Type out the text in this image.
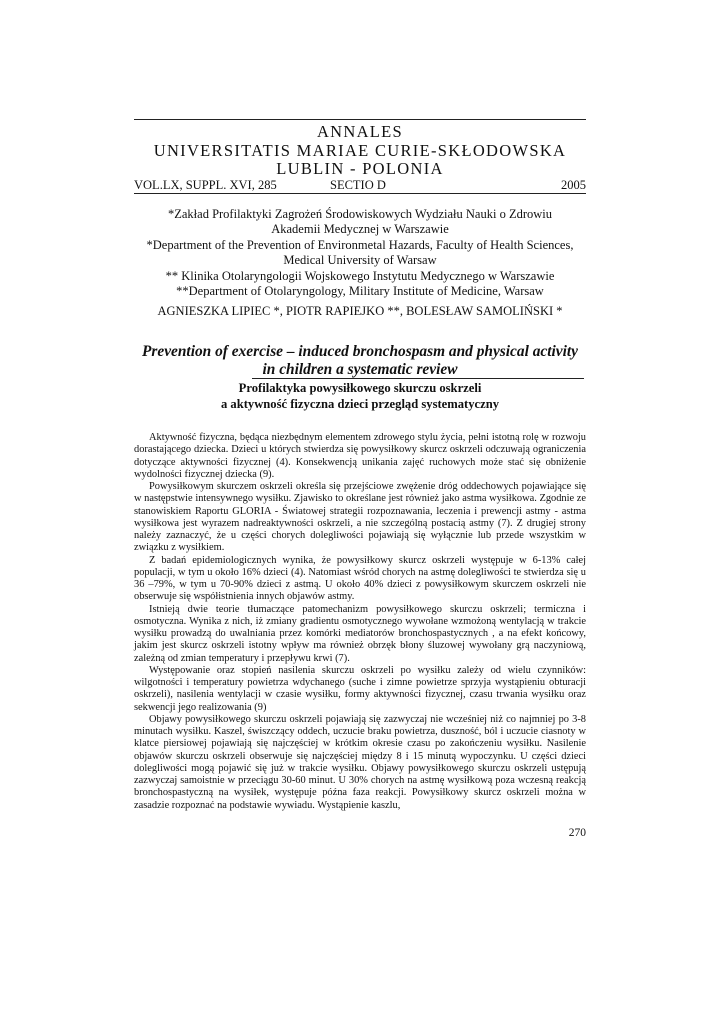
ANNALES
UNIVERSITATIS MARIAE CURIE-SKŁODOWSKA
LUBLIN - POLONIA
VOL.LX, SUPPL. XVI, 285	SECTIO D	2005
*Zakład Profilaktyki Zagrożeń Środowiskowych Wydziału Nauki o Zdrowiu
Akademii Medycznej w Warszawie
*Department of the Prevention of Environmetal Hazards, Faculty of Health Sciences,
Medical University of Warsaw
** Klinika Otolaryngologii Wojskowego Instytutu Medycznego w Warszawie
**Department of Otolaryngology, Military Institute of Medicine, Warsaw
AGNIESZKA LIPIEC *, PIOTR RAPIEJKO **, BOLESŁAW SAMOLIŃSKI *
Prevention of exercise – induced bronchospasm and physical activity
in children a systematic review
Profilaktyka powysiłkowego skurczu oskrzeli
a aktywność fizyczna dzieci przegląd systematyczny

Aktywność fizyczna, będąca niezbędnym elementem zdrowego stylu życia, pełni istotną rolę w rozwoju dorastającego dziecka. Dzieci u których stwierdza się powysiłkowy skurcz oskrzeli odczuwają ograniczenia dotyczące aktywności fizycznej (4). Konsekwencją unikania zajęć ruchowych może stać się obniżenie wydolności fizycznej dziecka (9).

Powysiłkowym skurczem oskrzeli określa się przejściowe zwężenie dróg oddechowych pojawiające się w następstwie intensywnego wysiłku. Zjawisko to określane jest również jako astma wysiłkowa. Zgodnie ze stanowiskiem Raportu GLORIA - Światowej strategii rozpoznawania, leczenia i prewencji astmy - astma wysiłkowa jest wyrazem nadreaktywności oskrzeli, a nie szczególną postacią astmy (7). Z drugiej strony należy zaznaczyć, że u części chorych dolegliwości pojawiają się wyłącznie lub przede wszystkim w związku z wysiłkiem.

Z badań epidemiologicznych wynika, że powysiłkowy skurcz oskrzeli występuje w 6-13% całej populacji, w tym u około 16% dzieci (4). Natomiast wśród chorych na astmę dolegliwości te stwierdza się u 36 –79%, w tym u 70-90% dzieci z astmą. U około 40% dzieci z powysiłkowym skurczem oskrzeli nie obserwuje się współistnienia innych objawów astmy.

Istnieją dwie teorie tłumaczące patomechanizm powysiłkowego skurczu oskrzeli; termiczna i osmotyczna. Wynika z nich, iż zmiany gradientu osmotycznego wywołane wzmożoną wentylacją w trakcie wysiłku prowadzą do uwalniania przez komórki mediatorów bronchospastycznych , a na efekt końcowy, jakim jest skurcz oskrzeli istotny wpływ ma również obrzęk błony śluzowej wywołany grą naczyniową, zależną od zmian temperatury i przepływu krwi (7).

Występowanie oraz stopień nasilenia skurczu oskrzeli po wysiłku zależy od wielu czynników: wilgotności i temperatury powietrza wdychanego (suche i zimne powietrze sprzyja wystąpieniu obturacji oskrzeli), nasilenia wentylacji w czasie wysiłku, formy aktywności fizycznej, czasu trwania wysiłku oraz sekwencji jego realizowania (9)

Objawy powysiłkowego skurczu oskrzeli pojawiają się zazwyczaj nie wcześniej niż co najmniej po 3-8 minutach wysiłku. Kaszel, świszczący oddech, uczucie braku powietrza, duszność, ból i uczucie ciasnoty w klatce piersiowej pojawiają się najczęściej w krótkim okresie czasu po zakończeniu wysiłku. Nasilenie objawów skurczu oskrzeli obserwuje się najczęściej między 8 i 15 minutą wypoczynku. U części dzieci dolegliwości mogą pojawić się już w trakcie wysiłku. Objawy powysiłkowego skurczu oskrzeli ustępują zazwyczaj samoistnie w przeciągu 30-60 minut. U 30% chorych na astmę wysiłkową poza wczesną reakcją bronchospastyczną na wysiłek, występuje późna faza reakcji. Powysiłkowy skurcz oskrzeli można w zasadzie rozpoznać na podstawie wywiadu. Wystąpienie kaszlu,

270
